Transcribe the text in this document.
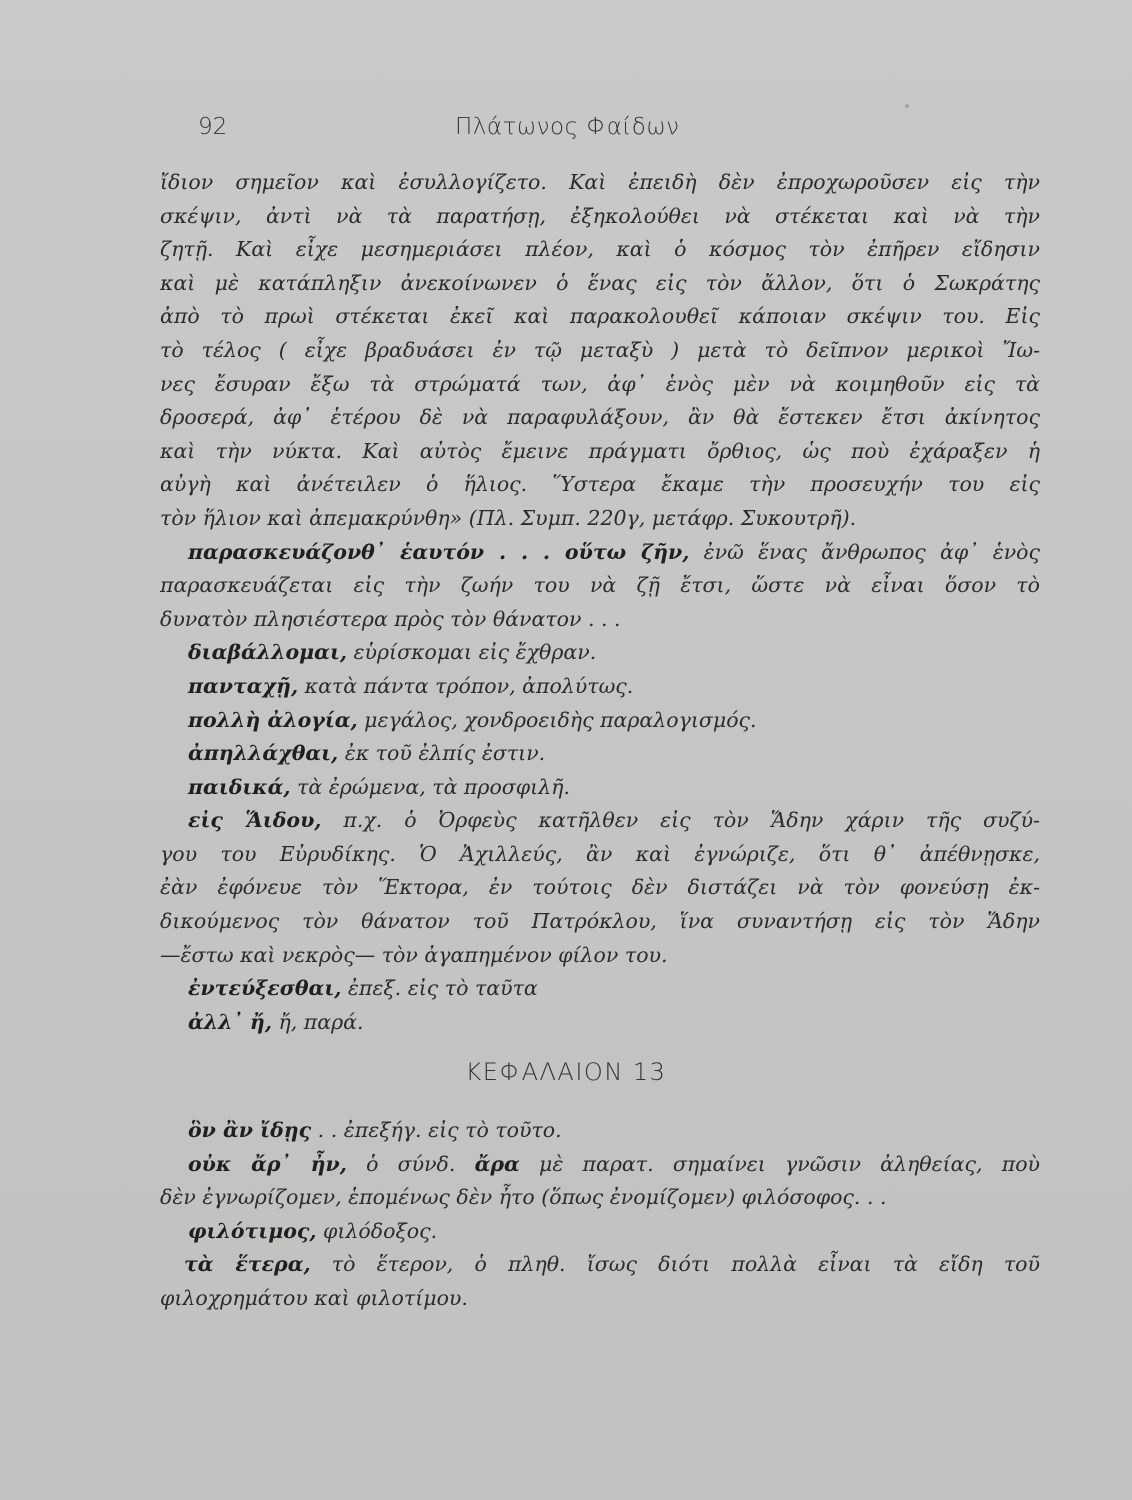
92	Πλάτωνος Φαίδων
ἴδιον σημεῖον καὶ ἐσυλλογίζετο. Καὶ ἐπειδὴ δὲν ἐπροχωροῦσεν εἰς τὴν
σκέψιν, ἀντὶ νὰ τὰ παρατήσῃ, ἐξηκολούθει νὰ στέκεται καὶ νὰ τὴν
ζητῇ. Καὶ εἶχε μεσημεριάσει πλέον, καὶ ὁ κόσμος τὸν ἐπῆρεν εἴδησιν
καὶ μὲ κατάπληξιν ἀνεκοίνωνεν ὁ ἕνας εἰς τὸν ἄλλον, ὅτι ὁ Σωκράτης
ἀπὸ τὸ πρωὶ στέκεται ἐκεῖ καὶ παρακολουθεῖ κάποιαν σκέψιν του. Εἰς
τὸ τέλος ( εἶχε βραδυάσει ἐν τῷ μεταξὺ ) μετὰ τὸ δεῖπνον μερικοὶ Ἴω-
νες ἔσυραν ἔξω τὰ στρώματά των, ἀφ᾿ ἑνὸς μὲν νὰ κοιμηθοῦν εἰς τὰ
δροσερά, ἀφ᾿ ἑτέρου δὲ νὰ παραφυλάξουν, ἂν θὰ ἔστεκεν ἔτσι ἀκίνητος
καὶ τὴν νύκτα. Καὶ αὐτὸς ἔμεινε πράγματι ὄρθιος, ὡς ποὺ ἐχάραξεν ἡ
αὐγὴ καὶ ἀνέτειλεν ὁ ἥλιος. Ὕστερα ἔκαμε τὴν προσευχήν του εἰς
τὸν ἥλιον καὶ ἀπεμακρύνθη» (Πλ. Συμπ. 220γ, μετάφρ. Συκουτρῆ).
παρασκευάζονθ᾿ ἑαυτόν . . . οὕτω ζῆν, ἐνῶ ἕνας ἄνθρωπος ἀφ᾿ ἑνὸς
παρασκευάζεται εἰς τὴν ζωήν του νὰ ζῇ ἔτσι, ὥστε νὰ εἶναι ὅσον τὸ
δυνατὸν πλησιέστερα πρὸς τὸν θάνατον . . .
διαβάλλομαι, εὑρίσκομαι εἰς ἔχθραν.
πανταχῇ, κατὰ πάντα τρόπον, ἀπολύτως.
πολλὴ ἀλογία, μεγάλος, χονδροειδὴς παραλογισμός.
ἀπηλλάχθαι, ἐκ τοῦ ἐλπίς ἐστιν.
παιδικά, τὰ ἐρώμενα, τὰ προσφιλῆ.
εἰς Ἅιδου, π.χ. ὁ Ὀρφεὺς κατῆλθεν εἰς τὸν Ἅδην χάριν τῆς συζύ-
γου του Εὐρυδίκης. Ὁ Ἀχιλλεύς, ἂν καὶ ἐγνώριζε, ὅτι θ᾿ ἀπέθνῃσκε,
ἐὰν ἐφόνευε τὸν Ἕκτορα, ἐν τούτοις δὲν διστάζει νὰ τὸν φονεύσῃ ἐκ-
δικούμενος τὸν θάνατον τοῦ Πατρόκλου, ἵνα συναντήσῃ εἰς τὸν Ἅδην
—ἔστω καὶ νεκρὸς— τὸν ἀγαπημένον φίλον του.
ἐντεύξεσθαι, ἐπεξ. εἰς τὸ ταῦτα
ἀλλ᾿ ἤ, ἤ, παρά.
ΚΕΦΑΛΑΙΟΝ 13
ὃν ἂν ἴδῃς . . ἐπεξήγ. εἰς τὸ τοῦτο.
οὐκ ἄρ᾿ ἦν, ὁ σύνδ. ἄρα μὲ παρατ. σημαίνει γνῶσιν ἀληθείας, ποὺ
δὲν ἐγνωρίζομεν, ἑπομένως δὲν ἦτο (ὅπως ἐνομίζομεν) φιλόσοφος. . .
φιλότιμος, φιλόδοξος.
τὰ ἕτερα, τὸ ἕτερον, ὁ πληθ. ἴσως διότι πολλὰ εἶναι τὰ εἴδη τοῦ
φιλοχρημάτου καὶ φιλοτίμου.
